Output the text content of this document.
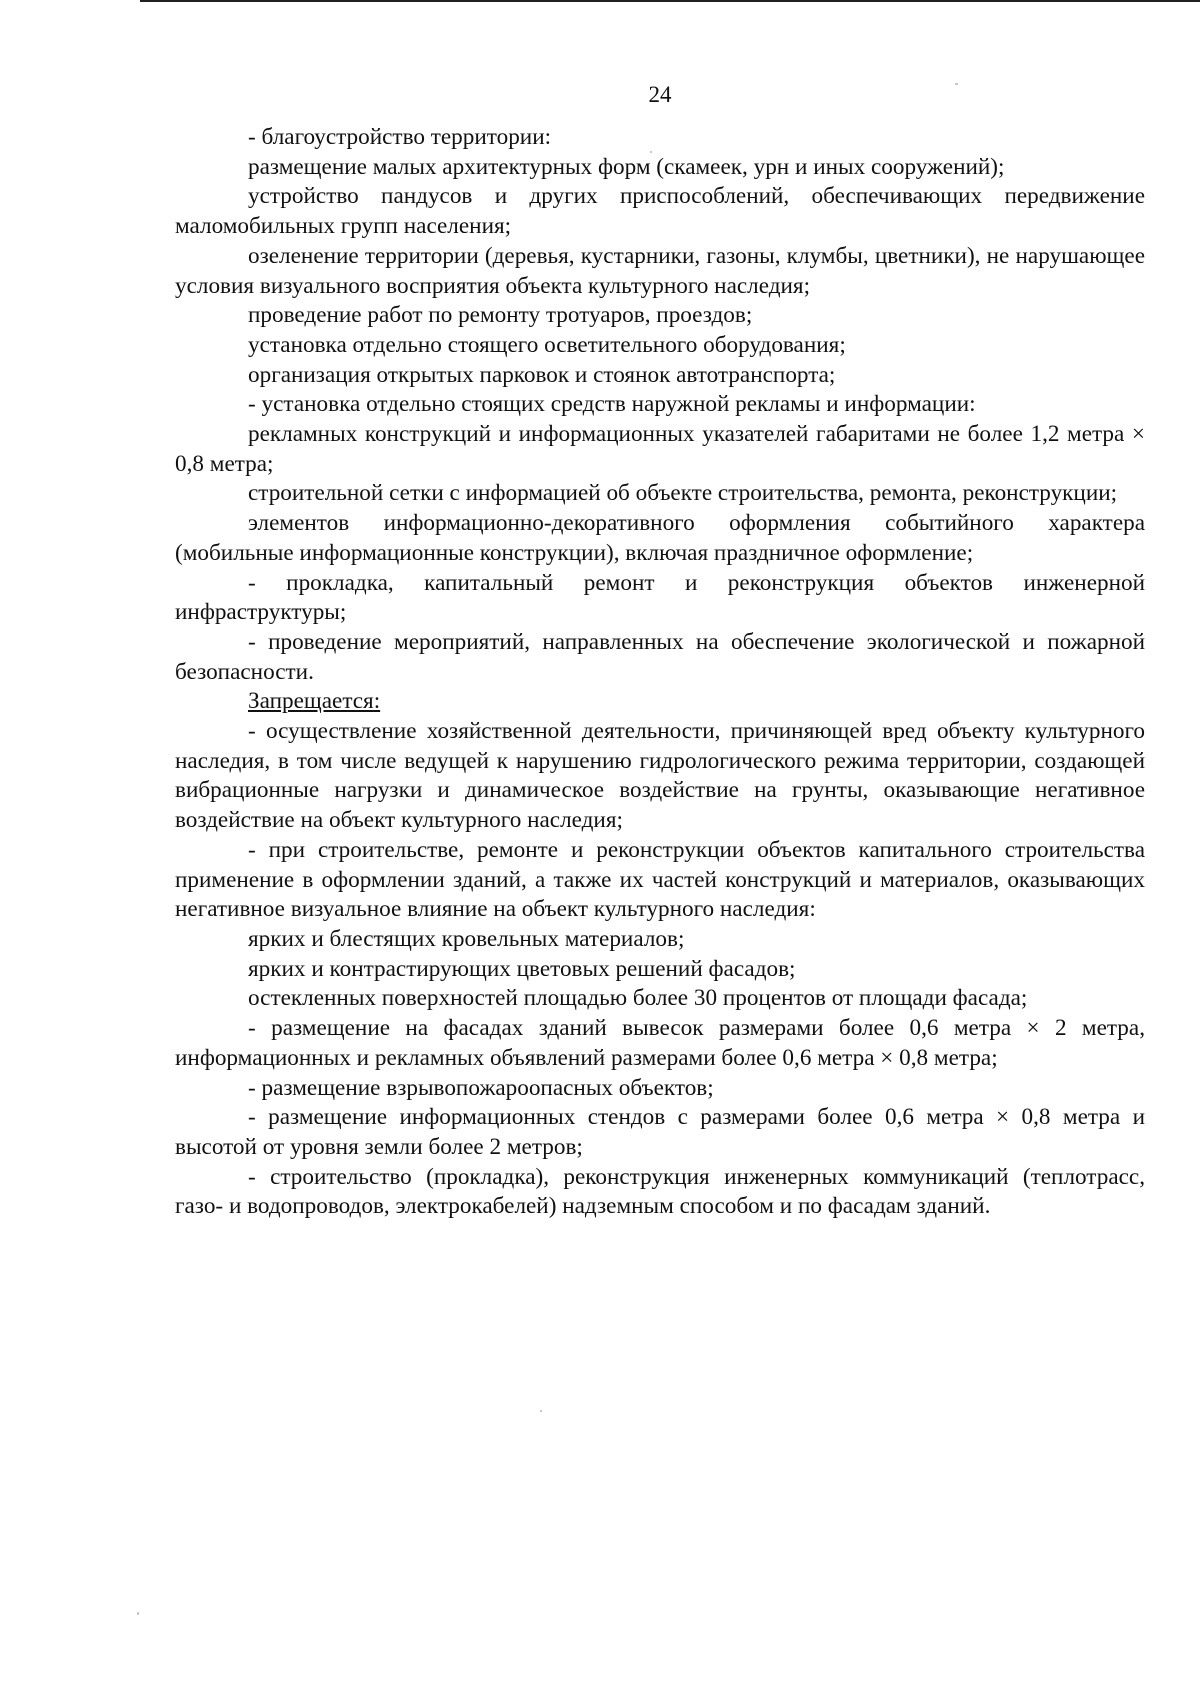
24

- благоустройство территории:

размещение малых архитектурных форм (скамеек, урн и иных сооружений);

устройство пандусов и других приспособлений, обеспечивающих передвижение маломобильных групп населения;

озеленение территории (деревья, кустарники, газоны, клумбы, цветники), не нарушающее условия визуального восприятия объекта культурного наследия;

проведение работ по ремонту тротуаров, проездов;

установка отдельно стоящего осветительного оборудования;

организация открытых парковок и стоянок автотранспорта;

- установка отдельно стоящих средств наружной рекламы и информации:

рекламных конструкций и информационных указателей габаритами не более 1,2 метра × 0,8 метра;

строительной сетки с информацией об объекте строительства, ремонта, реконструкции;

элементов информационно-декоративного оформления событийного характера (мобильные информационные конструкции), включая праздничное оформление;

- прокладка, капитальный ремонт и реконструкция объектов инженерной инфраструктуры;

- проведение мероприятий, направленных на обеспечение экологической и пожарной безопасности.

Запрещается:

- осуществление хозяйственной деятельности, причиняющей вред объекту культурного наследия, в том числе ведущей к нарушению гидрологического режима территории, создающей вибрационные нагрузки и динамическое воздействие на грунты, оказывающие негативное воздействие на объект культурного наследия;

- при строительстве, ремонте и реконструкции объектов капитального строительства применение в оформлении зданий, а также их частей конструкций и материалов, оказывающих негативное визуальное влияние на объект культурного наследия:

ярких и блестящих кровельных материалов;

ярких и контрастирующих цветовых решений фасадов;

остекленных поверхностей площадью более 30 процентов от площади фасада;

- размещение на фасадах зданий вывесок размерами более 0,6 метра × 2 метра, информационных и рекламных объявлений размерами более 0,6 метра × 0,8 метра;

- размещение взрывопожароопасных объектов;

- размещение информационных стендов с размерами более 0,6 метра × 0,8 метра и высотой от уровня земли более 2 метров;

- строительство (прокладка), реконструкция инженерных коммуникаций (теплотрасс, газо- и водопроводов, электрокабелей) надземным способом и по фасадам зданий.
